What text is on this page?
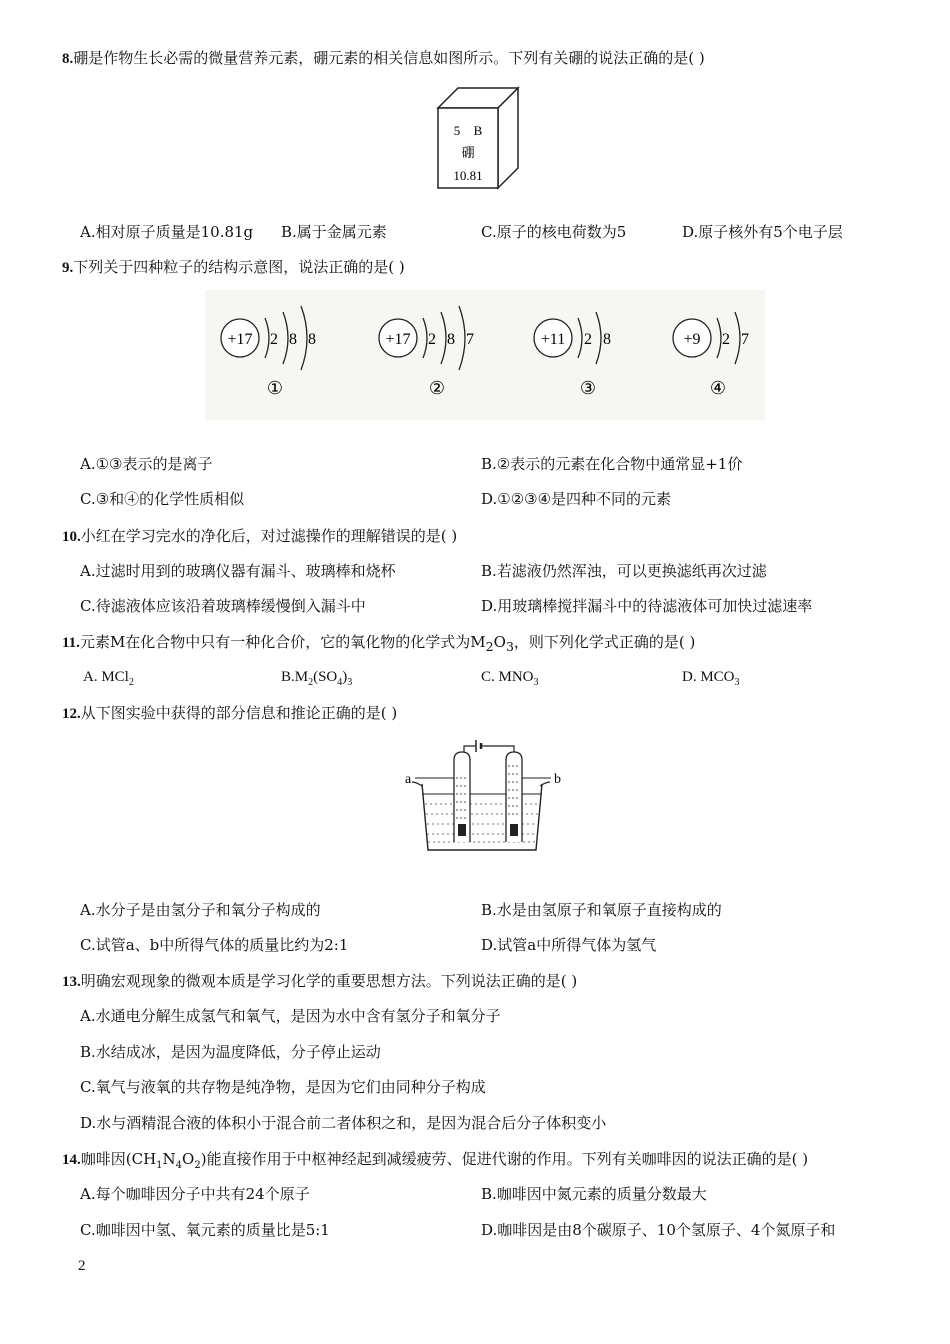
8.硼是作物生长必需的微量营养元素，硼元素的相关信息如图所示。下列有关硼的说法正确的是( )
5 B
硼
10.81
A.相对原子质量是10.81g B.属于金属元素	C.原子的核电荷数为5	D.原子核外有5个电子层
9.下列关于四种粒子的结构示意图，说法正确的是( )
+17 2 8 8
①
+17 2 8 7
②
+11 2 8
③
+9 2 7
④
A.①③表示的是离子	B.②表示的元素在化合物中通常显+1价
C.③和④的化学性质相似	D.①②③④是四种不同的元素
10.小红在学习完水的净化后，对过滤操作的理解错误的是( )
A.过滤时用到的玻璃仪器有漏斗、玻璃棒和烧杯	B.若滤液仍然浑浊，可以更换滤纸再次过滤
C.待滤液体应该沿着玻璃棒缓慢倒入漏斗中	D.用玻璃棒搅拌漏斗中的待滤液体可加快过滤速率
11.元素M在化合物中只有一种化合价，它的氧化物的化学式为$M_2O_3$，则下列化学式正确的是( )
A. MCl$_2$	$B.M_2(SO_4)_3$	C. $MNO_3$	D. $MCO_3$
12.从下图实验中获得的部分信息和推论正确的是( )
a	b
A.水分子是由氢分子和氧分子构成的	B.水是由氢原子和氧原子直接构成的
C.试管a、b中所得气体的质量比约为2:1	D.试管a中所得气体为氢气
13.明确宏观现象的微观本质是学习化学的重要思想方法。下列说法正确的是( )
A.水通电分解生成氢气和氧气，是因为水中含有氢分子和氧分子
B.水结成冰，是因为温度降低，分子停止运动
C.氧气与液氧的共存物是纯净物，是因为它们由同种分子构成
D.水与酒精混合液的体积小于混合前二者体积之和，是因为混合后分子体积变小
14.咖啡因$(CH_1N_4O_2)$能直接作用于中枢神经起到减缓疲劳、促进代谢的作用。下列有关咖啡因的说法正确的是( )
A.每个咖啡因分子中共有24个原子	B.咖啡因中氮元素的质量分数最大
C.咖啡因中氢、氧元素的质量比是5:1	D.咖啡因是由8个碳原子、10个氢原子、4个氮原子和
2
